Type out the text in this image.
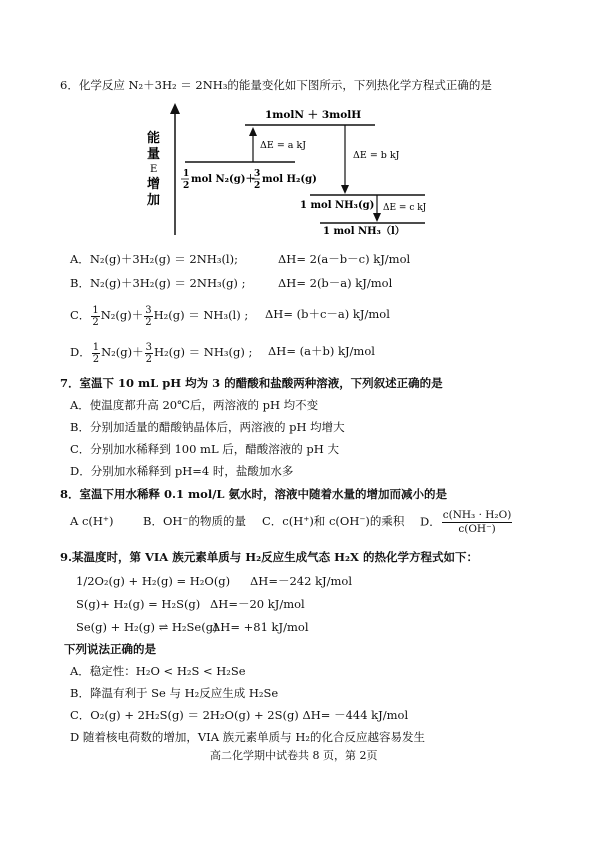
6．化学反应 N₂＋3H₂ ＝ 2NH₃的能量变化如下图所示，下列热化学方程式正确的是
能
量
E
增
加
1molN ＋ 3molH
1
2
mol N₂(g)＋
3
2
mol H₂(g)
ΔE = a kJ
ΔE = b kJ
1 mol NH₃(g) ΔE = c kJ
1 mol NH₃（l）
A．N₂(g)＋3H₂(g) ＝ 2NH₃(l);	ΔH= 2(a－b－c) kJ/mol
B．N₂(g)＋3H₂(g) ＝ 2NH₃(g) ;	ΔH= 2(b－a) kJ/mol
C． $\frac{1}{2} N_2(g)+ \frac{3}{2} H_2(g) = NH_3(l)$ ; ΔH= (b＋c－a) kJ/mol
D． $\frac{1}{2} N_2(g)+ \frac{3}{2} H_2(g) = NH_3(g)$ ; ΔH= (a＋b) kJ/mol
7．室温下 10 mL pH 均为 3 的醋酸和盐酸两种溶液，下列叙述正确的是
A．使温度都升高 20℃后，两溶液的 pH 均不变
B．分别加适量的醋酸钠晶体后，两溶液的 pH 均增大
C．分别加水稀释到 100 mL 后，醋酸溶液的 pH 大
D．分别加水稀释到 pH=4 时，盐酸加水多
8．室温下用水稀释 0.1 mol/L 氨水时，溶液中随着水量的增加而减小的是
A c(H⁺)	B．OH⁻的物质的量 C．c(H⁺)和 c(OH⁻)的乘积 D． $\frac{\text{c(NH₃ · H₂O)}}{c(OH^-)}$
9.某温度时，第 VIA 族元素单质与 H₂反应生成气态 H₂X 的热化学方程式如下：
1/2O₂(g) + H₂(g) = H₂O(g) ΔH=－242 kJ/mol
S(g)+ H₂(g) = H₂S(g) ΔH=－20 kJ/mol
Se(g) + H₂(g) ⇌ H₂Se(g)
ΔH= +81 kJ/mol
下列说法正确的是
A．稳定性：H₂O < H₂S < H₂Se
B．降温有利于 Se 与 H₂反应生成 H₂Se
C．O₂(g) + 2H₂S(g) ＝ 2H₂O(g) + 2S(g) ΔH= －444 kJ/mol
D 随着核电荷数的增加，VIA 族元素单质与 H₂的化合反应越容易发生
高二化学期中试卷共 8 页，第 2页
